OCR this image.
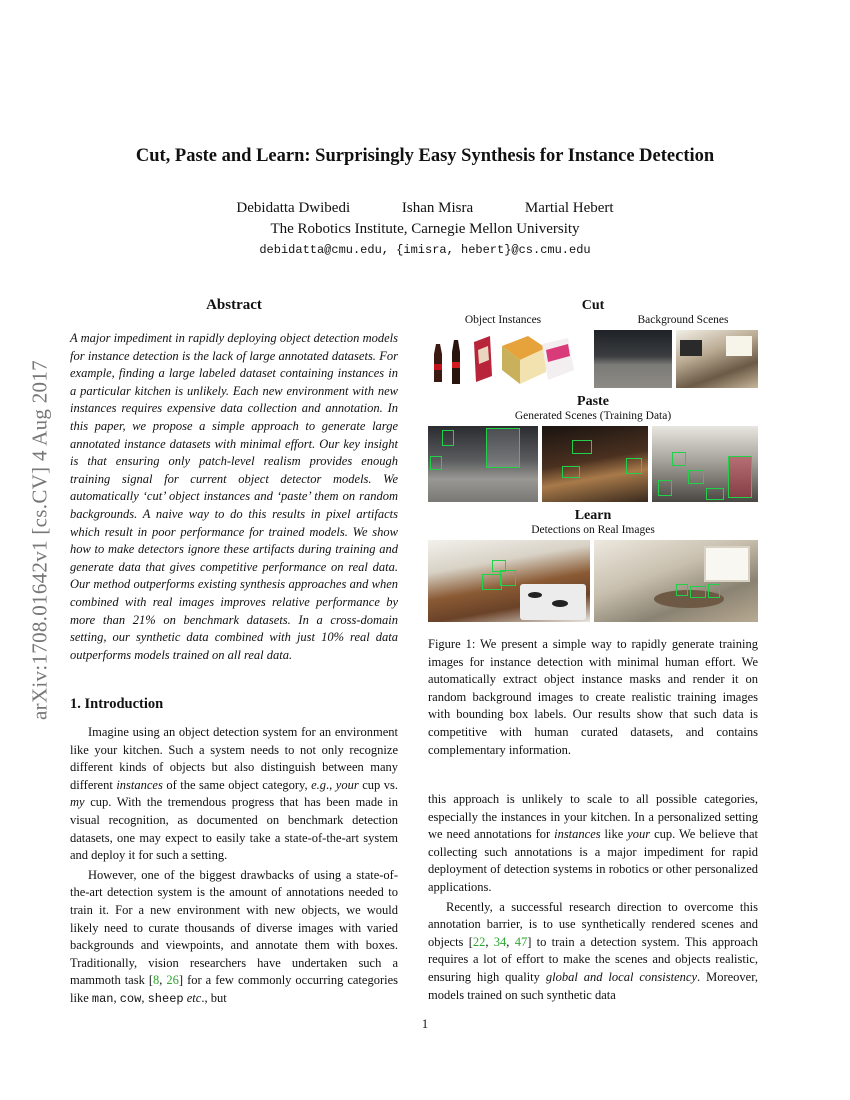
arXiv:1708.01642v1 [cs.CV] 4 Aug 2017
Cut, Paste and Learn: Surprisingly Easy Synthesis for Instance Detection
Debidatta Dwibedi	Ishan Misra	Martial Hebert
The Robotics Institute, Carnegie Mellon University
debidatta@cmu.edu, {imisra, hebert}@cs.cmu.edu
Abstract

A major impediment in rapidly deploying object detection models for instance detection is the lack of large annotated datasets. For example, finding a large labeled dataset containing instances in a particular kitchen is unlikely. Each new environment with new instances requires expensive data collection and annotation. In this paper, we propose a simple approach to generate large annotated instance datasets with minimal effort. Our key insight is that ensuring only patch-level realism provides enough training signal for current object detector models. We automatically ‘cut’ object instances and ‘paste’ them on random backgrounds. A naive way to do this results in pixel artifacts which result in poor performance for trained models. We show how to make detectors ignore these artifacts during training and generate data that gives competitive performance on real data. Our method outperforms existing synthesis approaches and when combined with real images improves relative performance by more than 21% on benchmark datasets. In a cross-domain setting, our synthetic data combined with just 10% real data outperforms models trained on all real data.

1. Introduction

Imagine using an object detection system for an environment like your kitchen. Such a system needs to not only recognize different kinds of objects but also distinguish between many different instances of the same object category, e.g., your cup vs. my cup. With the tremendous progress that has been made in visual recognition, as documented on benchmark detection datasets, one may expect to easily take a state-of-the-art system and deploy it for such a setting.

However, one of the biggest drawbacks of using a state-of-the-art detection system is the amount of annotations needed to train it. For a new environment with new objects, we would likely need to curate thousands of diverse images with varied backgrounds and viewpoints, and annotate them with boxes. Traditionally, vision researchers have undertaken such a mammoth task [8, 26] for a few commonly occurring categories like man, cow, sheep etc., but

Cut
Object Instances	Background Scenes
Paste
Generated Scenes (Training Data)
Learn
Detections on Real Images

Figure 1: We present a simple way to rapidly generate training images for instance detection with minimal human effort. We automatically extract object instance masks and render it on random background images to create realistic training images with bounding box labels. Our results show that such data is competitive with human curated datasets, and contains complementary information.

this approach is unlikely to scale to all possible categories, especially the instances in your kitchen. In a personalized setting we need annotations for instances like your cup. We believe that collecting such annotations is a major impediment for rapid deployment of detection systems in robotics or other personalized applications.

Recently, a successful research direction to overcome this annotation barrier, is to use synthetically rendered scenes and objects [22, 34, 47] to train a detection system. This approach requires a lot of effort to make the scenes and objects realistic, ensuring high quality global and local consistency. Moreover, models trained on such synthetic data

1
